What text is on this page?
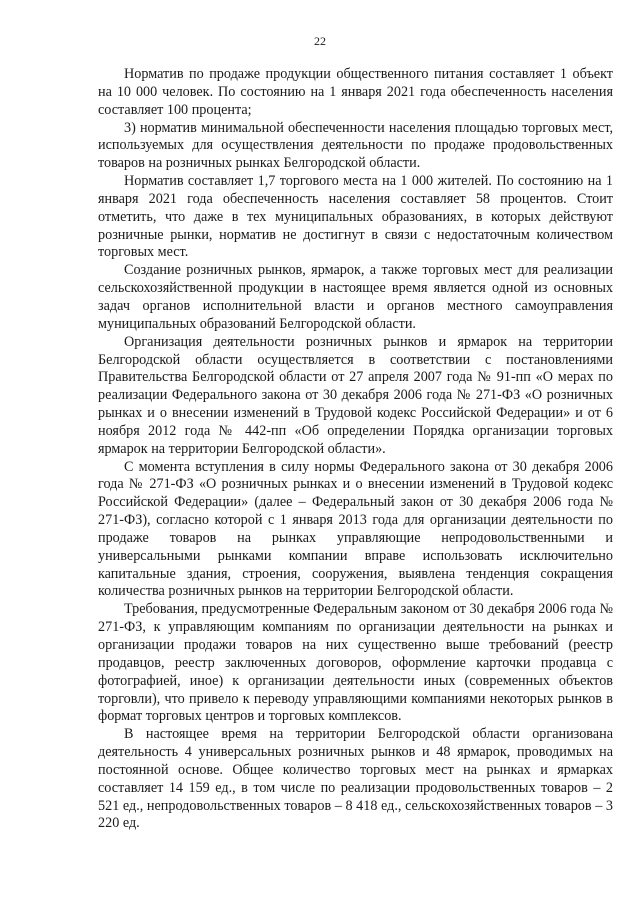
22

Норматив по продаже продукции общественного питания составляет 1 объект на 10 000 человек. По состоянию на 1 января 2021 года обеспеченность населения составляет 100 процента;

3) норматив минимальной обеспеченности населения площадью торговых мест, используемых для осуществления деятельности по продаже продовольственных товаров на розничных рынках Белгородской области.

Норматив составляет 1,7 торгового места на 1 000 жителей. По состоянию на 1 января 2021 года обеспеченность населения составляет 58 процентов. Стоит отметить, что даже в тех муниципальных образованиях, в которых действуют розничные рынки, норматив не достигнут в связи с недостаточным количеством торговых мест.

Создание розничных рынков, ярмарок, а также торговых мест для реализации сельскохозяйственной продукции в настоящее время является одной из основных задач органов исполнительной власти и органов местного самоуправления муниципальных образований Белгородской области.

Организация деятельности розничных рынков и ярмарок на территории Белгородской области осуществляется в соответствии с постановлениями Правительства Белгородской области от 27 апреля 2007 года № 91-пп «О мерах по реализации Федерального закона от 30 декабря 2006 года № 271-ФЗ «О розничных рынках и о внесении изменений в Трудовой кодекс Российской Федерации» и от 6 ноября 2012 года № 442-пп «Об определении Порядка организации торговых ярмарок на территории Белгородской области».

С момента вступления в силу нормы Федерального закона от 30 декабря 2006 года № 271-ФЗ «О розничных рынках и о внесении изменений в Трудовой кодекс Российской Федерации» (далее – Федеральный закон от 30 декабря 2006 года № 271-ФЗ), согласно которой с 1 января 2013 года для организации деятельности по продаже товаров на рынках управляющие непродовольственными и универсальными рынками компании вправе использовать исключительно капитальные здания, строения, сооружения, выявлена тенденция сокращения количества розничных рынков на территории Белгородской области.

Требования, предусмотренные Федеральным законом от 30 декабря 2006 года № 271-ФЗ, к управляющим компаниям по организации деятельности на рынках и организации продажи товаров на них существенно выше требований (реестр продавцов, реестр заключенных договоров, оформление карточки продавца с фотографией, иное) к организации деятельности иных (современных объектов торговли), что привело к переводу управляющими компаниями некоторых рынков в формат торговых центров и торговых комплексов.

В настоящее время на территории Белгородской области организована деятельность 4 универсальных розничных рынков и 48 ярмарок, проводимых на постоянной основе. Общее количество торговых мест на рынках и ярмарках составляет 14 159 ед., в том числе по реализации продовольственных товаров – 2 521 ед., непродовольственных товаров – 8 418 ед., сельскохозяйственных товаров – 3 220 ед.
